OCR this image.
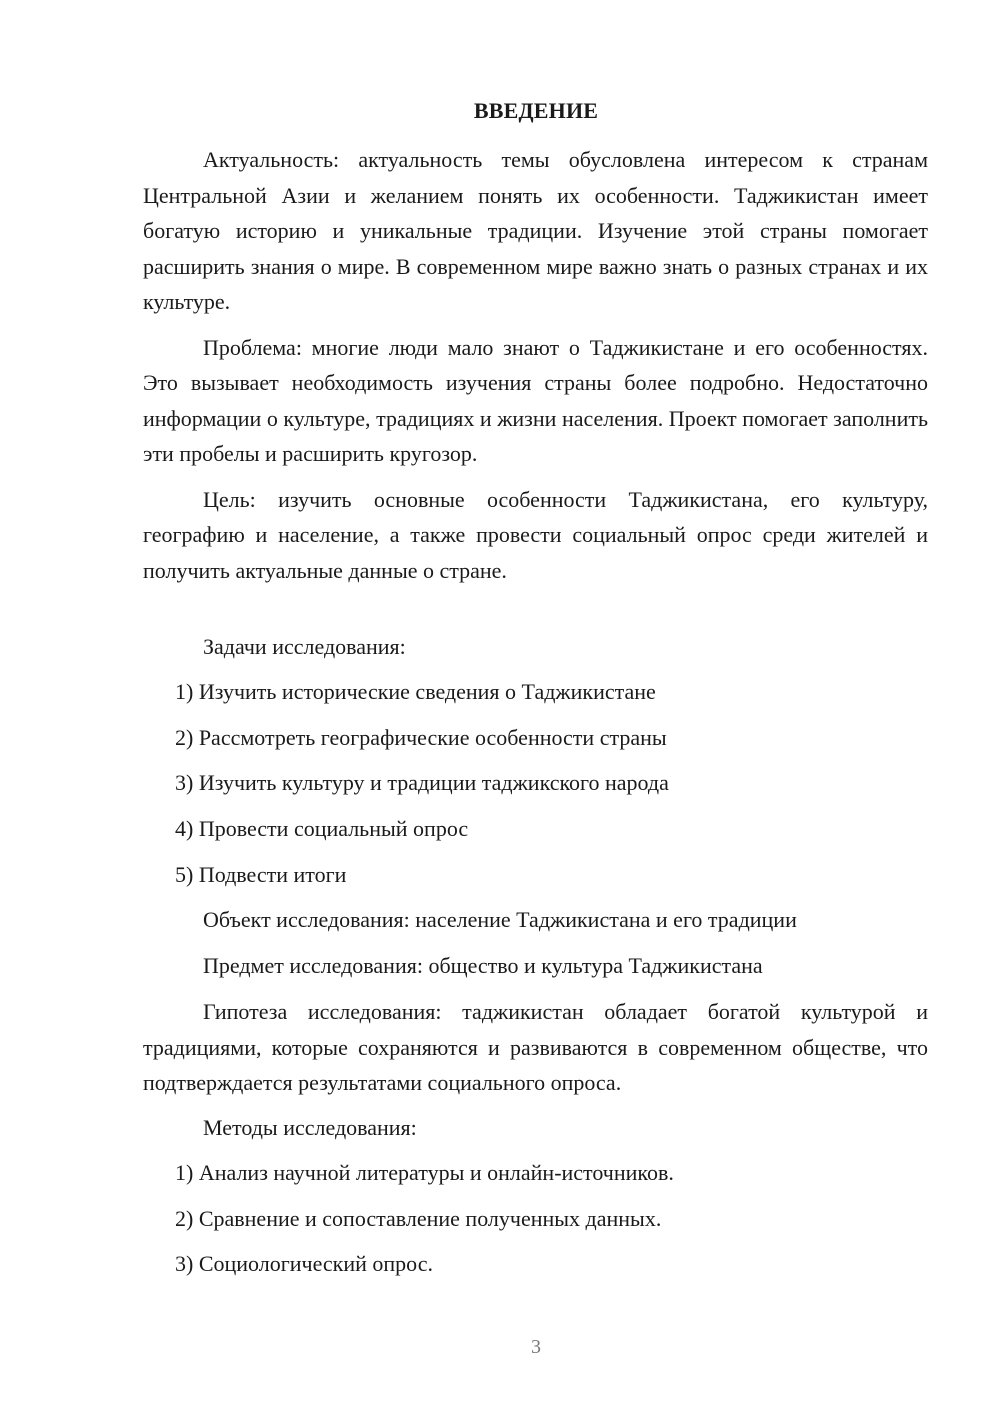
ВВЕДЕНИЕ

Актуальность: актуальность темы обусловлена интересом к странам Центральной Азии и желанием понять их особенности. Таджикистан имеет богатую историю и уникальные традиции. Изучение этой страны помогает расширить знания о мире. В современном мире важно знать о разных странах и их культуре.

Проблема: многие люди мало знают о Таджикистане и его особенностях. Это вызывает необходимость изучения страны более подробно. Недостаточно информации о культуре, традициях и жизни населения. Проект помогает заполнить эти пробелы и расширить кругозор.

Цель: изучить основные особенности Таджикистана, его культуру, географию и население, а также провести социальный опрос среди жителей и получить актуальные данные о стране.

Задачи исследования:
1) Изучить исторические сведения о Таджикистане
2) Рассмотреть географические особенности страны
3) Изучить культуру и традиции таджикского народа
4) Провести социальный опрос
5) Подвести итоги
Объект исследования: население Таджикистана и его традиции
Предмет исследования: общество и культура Таджикистана

Гипотеза исследования: таджикистан обладает богатой культурой и традициями, которые сохраняются и развиваются в современном обществе, что подтверждается результатами социального опроса.

Методы исследования:
1) Анализ научной литературы и онлайн-источников.
2) Сравнение и сопоставление полученных данных.
3) Социологический опрос.
3
